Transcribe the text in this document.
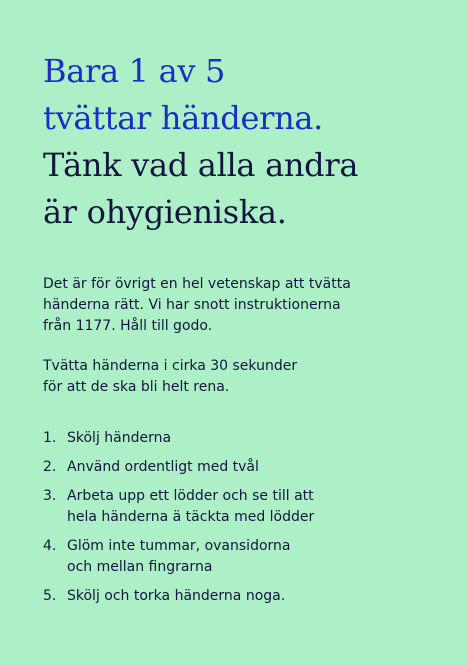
Bara 1 av 5
tvättar händerna.
Tänk vad alla andra
är ohygieniska.

Det är för övrigt en hel vetenskap att tvätta
händerna rätt. Vi har snott instruktionerna
från 1177. Håll till godo.

Tvätta händerna i cirka 30 sekunder
för att de ska bli helt rena.

1. Skölj händerna
2. Använd ordentligt med tvål
3. Arbeta upp ett lödder och se till att
hela händerna ä täckta med lödder
4. Glöm inte tummar, ovansidorna
och mellan fingrarna
5. Skölj och torka händerna noga.
